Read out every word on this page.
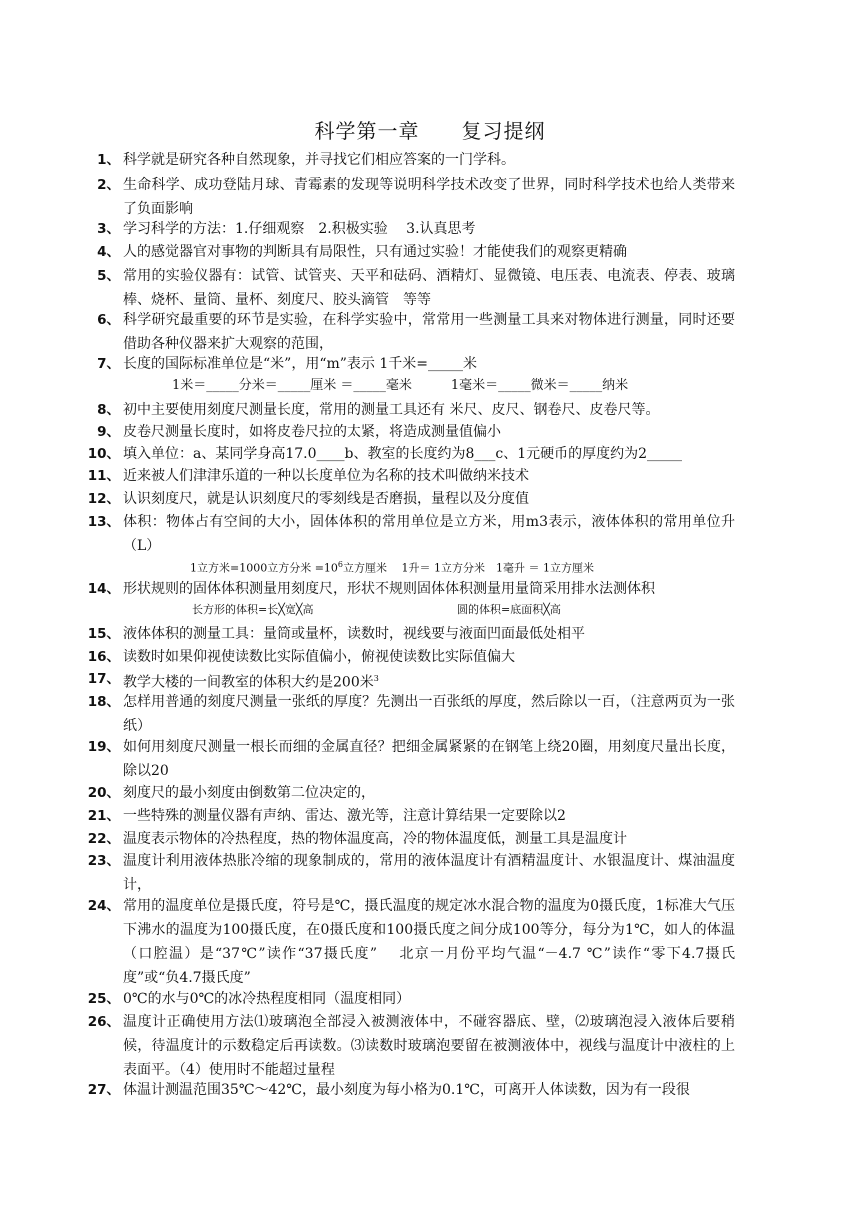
科学第一章 复习提纲
1、 科学就是研究各种自然现象，并寻找它们相应答案的一门学科。
2、 生命科学、成功登陆月球、青霉素的发现等说明科学技术改变了世界，同时科学技术也给人类带来了负面影响
3、 学习科学的方法：1.仔细观察　2.积极实验　 3.认真思考
4、 人的感觉器官对事物的判断具有局限性，只有通过实验！才能使我们的观察更精确
5、 常用的实验仪器有：试管、试管夹、天平和砝码、酒精灯、显微镜、电压表、电流表、停表、玻璃棒、烧杯、量筒、量杯、刻度尺、胶头滴管　等等
6、 科学研究最重要的环节是实验，在科学实验中，常常用一些测量工具来对物体进行测量，同时还要借助各种仪器来扩大观察的范围，
7、 长度的国际标准单位是“米”，用“m”表示 1千米=_____米
1米＝_____分米＝_____厘米 ＝_____毫米　　　1毫米＝_____微米＝_____纳米
8、 初中主要使用刻度尺测量长度，常用的测量工具还有 米尺、皮尺、钢卷尺、皮卷尺等。
9、 皮卷尺测量长度时，如将皮卷尺拉的太紧，将造成测量值偏小
10、 填入单位：a、某同学身高17.0____b、教室的长度约为8___c、1元硬币的厚度约为2_____
11、 近来被人们津津乐道的一种以长度单位为名称的技术叫做纳米技术
12、 认识刻度尺，就是认识刻度尺的零刻线是否磨损，量程以及分度值
13、 体积：物体占有空间的大小，固体体积的常用单位是立方米，用m3表示，液体体积的常用单位升（L）
1立方米=1000立方分米 $=10^6$立方厘米　 1升＝ 1立方分米　1毫升 ＝ 1立方厘米
14、 形状规则的固体体积测量用刻度尺，形状不规则固体体积测量用量筒采用排水法测体积
长方形的体积=长╳宽╳高	圆的体积=底面积╳高
15、 液体体积的测量工具：量筒或量杯，读数时，视线要与液面凹面最低处相平
16、 读数时如果仰视使读数比实际值偏小，俯视使读数比实际值偏大
17、 教学大楼的一间教室的体积大约是200米$^3$
18、 怎样用普通的刻度尺测量一张纸的厚度？先测出一百张纸的厚度，然后除以一百，（注意两页为一张纸）
19、 如何用刻度尺测量一根长而细的金属直径？把细金属紧紧的在钢笔上绕20圈，用刻度尺量出长度，除以20
20、 刻度尺的最小刻度由倒数第二位决定的，
21、 一些特殊的测量仪器有声纳、雷达、激光等，注意计算结果一定要除以2
22、 温度表示物体的冷热程度，热的物体温度高，冷的物体温度低，测量工具是温度计
23、 温度计利用液体热胀冷缩的现象制成的，常用的液体温度计有酒精温度计、水银温度计、煤油温度计，
24、 常用的温度单位是摄氏度，符号是℃，摄氏温度的规定冰水混合物的温度为0摄氏度，1标准大气压下沸水的温度为100摄氏度，在0摄氏度和100摄氏度之间分成100等分，每分为1℃，如人的体温（口腔温）是“37℃”读作“37摄氏度”　 北京一月份平均气温“－4.7 ℃”读作“零下4.7摄氏度”或“负4.7摄氏度”
25、 0℃的水与0℃的冰冷热程度相同（温度相同）
26、 温度计正确使用方法⑴玻璃泡全部浸入被测液体中，不碰容器底、壁，⑵玻璃泡浸入液体后要稍候，待温度计的示数稳定后再读数。⑶读数时玻璃泡要留在被测液体中，视线与温度计中液柱的上表面平。（4）使用时不能超过量程
27、 体温计测温范围35℃～42℃，最小刻度为每小格为0.1℃，可离开人体读数，因为有一段很
